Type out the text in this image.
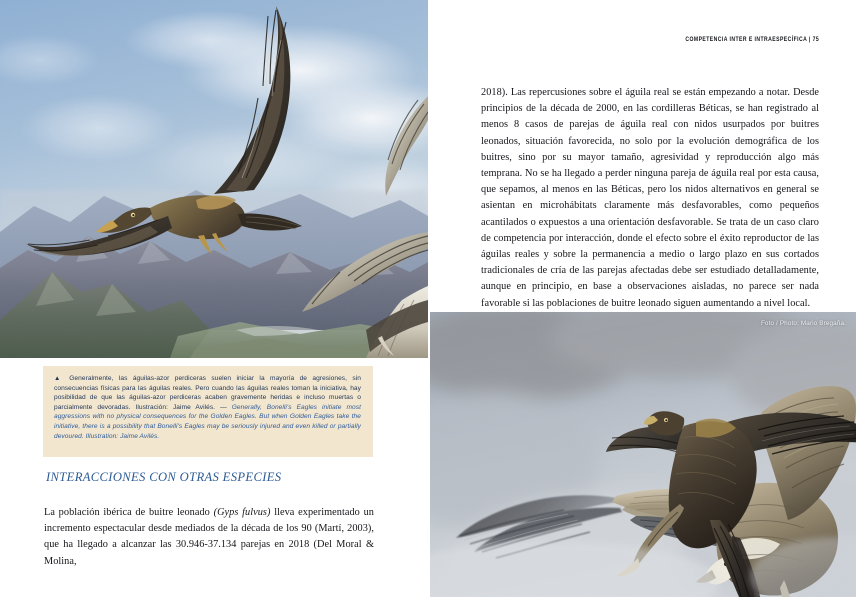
▲ Generalmente, las águilas-azor perdiceras suelen iniciar la mayoría de agresiones, sin consecuencias físicas para las águilas reales. Pero cuando las águilas reales toman la iniciativa, hay posibilidad de que las águilas-azor perdiceras acaben gravemente heridas e incluso muertas o parcialmente devoradas. Ilustración: Jaime Avilés. — Generally, Bonelli's Eagles initiate most aggressions with no physical consequences for the Golden Eagles. But when Golden Eagles take the initiative, there is a possibility that Bonelli's Eagles may be seriously injured and even killed or partially devoured. Illustration: Jaime Avilés.

INTERACCIONES CON OTRAS ESPECIES

La población ibérica de buitre leonado (Gyps fulvus) lleva experimentado un incremento espectacular desde mediados de la década de los 90 (Martí, 2003), que ha llegado a alcanzar las 30.946-37.134 parejas en 2018 (Del Moral & Molina,

COMPETENCIA INTER E INTRAESPECÍFICA | 75

2018). Las repercusiones sobre el águila real se están empezando a notar. Desde principios de la década de 2000, en las cordilleras Béticas, se han registrado al menos 8 casos de parejas de águila real con nidos usurpados por buitres leonados, situación favorecida, no solo por la evolución demográfica de los buitres, sino por su mayor tamaño, agresividad y reproducción algo más temprana. No se ha llegado a perder ninguna pareja de águila real por esta causa, que sepamos, al menos en las Béticas, pero los nidos alternativos en general se asientan en microhábitats claramente más desfavorables, como pequeños acantilados o expuestos a una orientación desfavorable. Se trata de un caso claro de competencia por interacción, donde el efecto sobre el éxito reproductor de las águilas reales y sobre la permanencia a medio o largo plazo en sus cortados tradicionales de cría de las parejas afectadas debe ser estudiado detalladamente, aunque en principio, en base a observaciones aisladas, no parece ser nada favorable si las poblaciones de buitre leonado siguen aumentando a nivel local.

Foto / Photo: Mario Bregaña.
